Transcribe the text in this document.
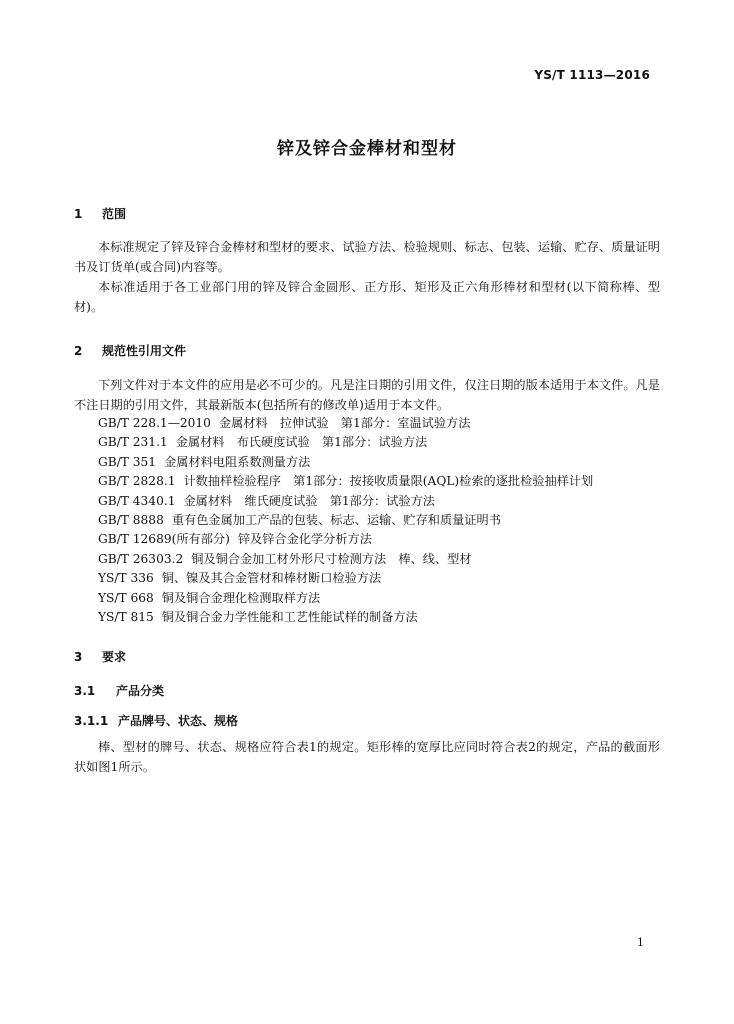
YS/T 1113—2016
锌及锌合金棒材和型材
1 范围
本标准规定了锌及锌合金棒材和型材的要求、试验方法、检验规则、标志、包装、运输、贮存、质量证明书及订货单(或合同)内容等。
本标准适用于各工业部门用的锌及锌合金圆形、正方形、矩形及正六角形棒材和型材(以下简称棒、型材)。
2 规范性引用文件
下列文件对于本文件的应用是必不可少的。凡是注日期的引用文件，仅注日期的版本适用于本文件。凡是不注日期的引用文件，其最新版本(包括所有的修改单)适用于本文件。
GB/T 228.1—2010 金属材料　拉伸试验　第1部分：室温试验方法
GB/T 231.1 金属材料　布氏硬度试验　第1部分：试验方法
GB/T 351 金属材料电阻系数测量方法
GB/T 2828.1 计数抽样检验程序　第1部分：按接收质量限(AQL)检索的逐批检验抽样计划
GB/T 4340.1 金属材料　维氏硬度试验　第1部分：试验方法
GB/T 8888 重有色金属加工产品的包装、标志、运输、贮存和质量证明书
GB/T 12689(所有部分) 锌及锌合金化学分析方法
GB/T 26303.2 铜及铜合金加工材外形尺寸检测方法　棒、线、型材
YS/T 336 铜、镍及其合金管材和棒材断口检验方法
YS/T 668 铜及铜合金理化检测取样方法
YS/T 815 铜及铜合金力学性能和工艺性能试样的制备方法
3 要求
3.1 产品分类
3.1.1 产品牌号、状态、规格
棒、型材的牌号、状态、规格应符合表1的规定。矩形棒的宽厚比应同时符合表2的规定，产品的截面形状如图1所示。
1
